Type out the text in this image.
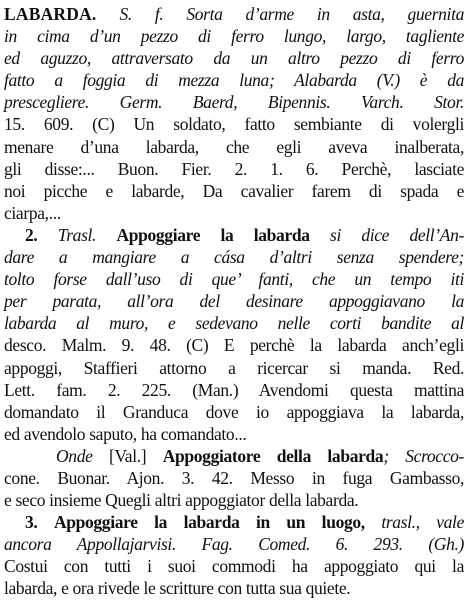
LABARDA. S. f. Sorta d’arme in asta, guernita
in cima d’un pezzo di ferro lungo, largo, tagliente
ed aguzzo, attraversato da un altro pezzo di ferro
fatto a foggia di mezza luna; Alabarda (V.) è da
prescegliere. Germ. Baerd, Bipennis. Varch. Stor.
15. 609. (C) Un soldato, fatto sembiante di volergli
menare d’una labarda, che egli aveva inalberata,
gli disse:... Buon. Fier. 2. 1. 6. Perchè, lasciate
noi picche e labarde, Da cavalier farem di spada e
ciarpa,...
2. Trasl. Appoggiare la labarda si dice dell’An-
dare a mangiare a cása d’altri senza spendere;
tolto forse dall’uso di que’ fanti, che un tempo iti
per parata, all’ora del desinare appoggiavano la
labarda al muro, e sedevano nelle corti bandite al
desco. Malm. 9. 48. (C) E perchè la labarda anch’egli
appoggi, Staffieri attorno a ricercar si manda. Red.
Lett. fam. 2. 225. (Man.) Avendomi questa mattina
domandato il Granduca dove io appoggiava la labarda,
ed avendolo saputo, ha comandato...
Onde [Val.] Appoggiatore della labarda; Scrocco-
cone. Buonar. Ajon. 3. 42. Messo in fuga Gambasso,
e seco insieme Quegli altri appoggiator della labarda.
3. Appoggiare la labarda in un luogo, trasl., vale
ancora Appollajarvisi. Fag. Comed. 6. 293. (Gh.)
Costui con tutti i suoi commodi ha appoggiato qui la
labarda, e ora rivede le scritture con tutta sua quiete.
